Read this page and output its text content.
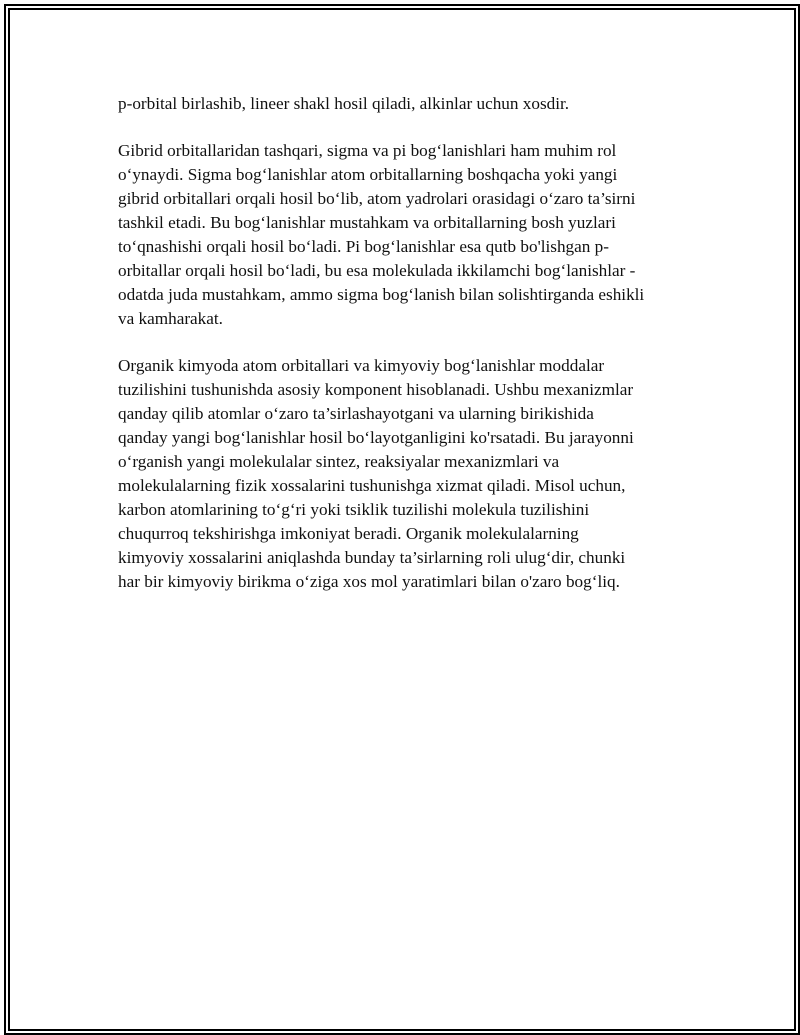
p-orbital birlashib, lineer shakl hosil qiladi, alkinlar uchun xosdir.

Gibrid orbitallaridan tashqari, sigma va pi bog‘lanishlari ham muhim rol
o‘ynaydi. Sigma bog‘lanishlar atom orbitallarning boshqacha yoki yangi
gibrid orbitallari orqali hosil bo‘lib, atom yadrolari orasidagi o‘zaro ta’sirni
tashkil etadi. Bu bog‘lanishlar mustahkam va orbitallarning bosh yuzlari
to‘qnashishi orqali hosil bo‘ladi. Pi bog‘lanishlar esa qutb bo'lishgan p-
orbitallar orqali hosil bo‘ladi, bu esa molekulada ikkilamchi bog‘lanishlar -
odatda juda mustahkam, ammo sigma bog‘lanish bilan solishtirganda eshikli
va kamharakat.

Organik kimyoda atom orbitallari va kimyoviy bog‘lanishlar moddalar
tuzilishini tushunishda asosiy komponent hisoblanadi. Ushbu mexanizmlar
qanday qilib atomlar o‘zaro ta’sirlashayotgani va ularning birikishida
qanday yangi bog‘lanishlar hosil bo‘layotganligini ko'rsatadi. Bu jarayonni
o‘rganish yangi molekulalar sintez, reaksiyalar mexanizmlari va
molekulalarning fizik xossalarini tushunishga xizmat qiladi. Misol uchun,
karbon atomlarining to‘g‘ri yoki tsiklik tuzilishi molekula tuzilishini
chuqurroq tekshirishga imkoniyat beradi. Organik molekulalarning
kimyoviy xossalarini aniqlashda bunday ta’sirlarning roli ulug‘dir, chunki
har bir kimyoviy birikma o‘ziga xos mol yaratimlari bilan o'zaro bog‘liq.
